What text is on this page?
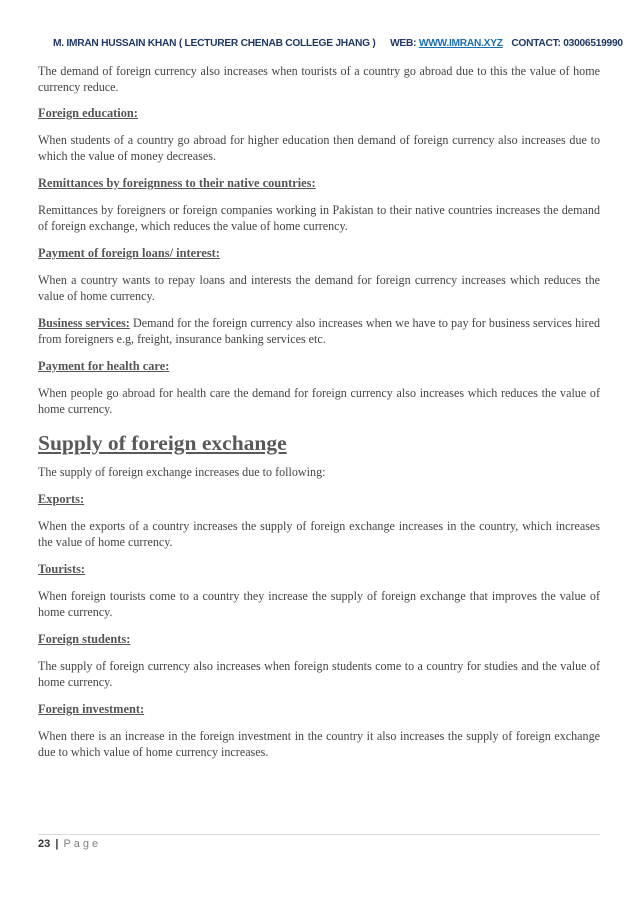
M. IMRAN HUSSAIN KHAN ( LECTURER CHENAB COLLEGE JHANG ) WEB: WWW.IMRAN.XYZ CONTACT: 03006519990

The demand of foreign currency also increases when tourists of a country go abroad due to this the value of home currency reduce.

Foreign education:

When students of a country go abroad for higher education then demand of foreign currency also increases due to which the value of money decreases.

Remittances by foreignness to their native countries:

Remittances by foreigners or foreign companies working in Pakistan to their native countries increases the demand of foreign exchange, which reduces the value of home currency.

Payment of foreign loans/ interest:

When a country wants to repay loans and interests the demand for foreign currency increases which reduces the value of home currency.

Business services: Demand for the foreign currency also increases when we have to pay for business services hired from foreigners e.g, freight, insurance banking services etc.

Payment for health care:

When people go abroad for health care the demand for foreign currency also increases which reduces the value of home currency.

Supply of foreign exchange

The supply of foreign exchange increases due to following:

Exports:

When the exports of a country increases the supply of foreign exchange increases in the country, which increases the value of home currency.

Tourists:

When foreign tourists come to a country they increase the supply of foreign exchange that improves the value of home currency.

Foreign students:

The supply of foreign currency also increases when foreign students come to a country for studies and the value of home currency.

Foreign investment:

When there is an increase in the foreign investment in the country it also increases the supply of foreign exchange due to which value of home currency increases.

23 | Page
